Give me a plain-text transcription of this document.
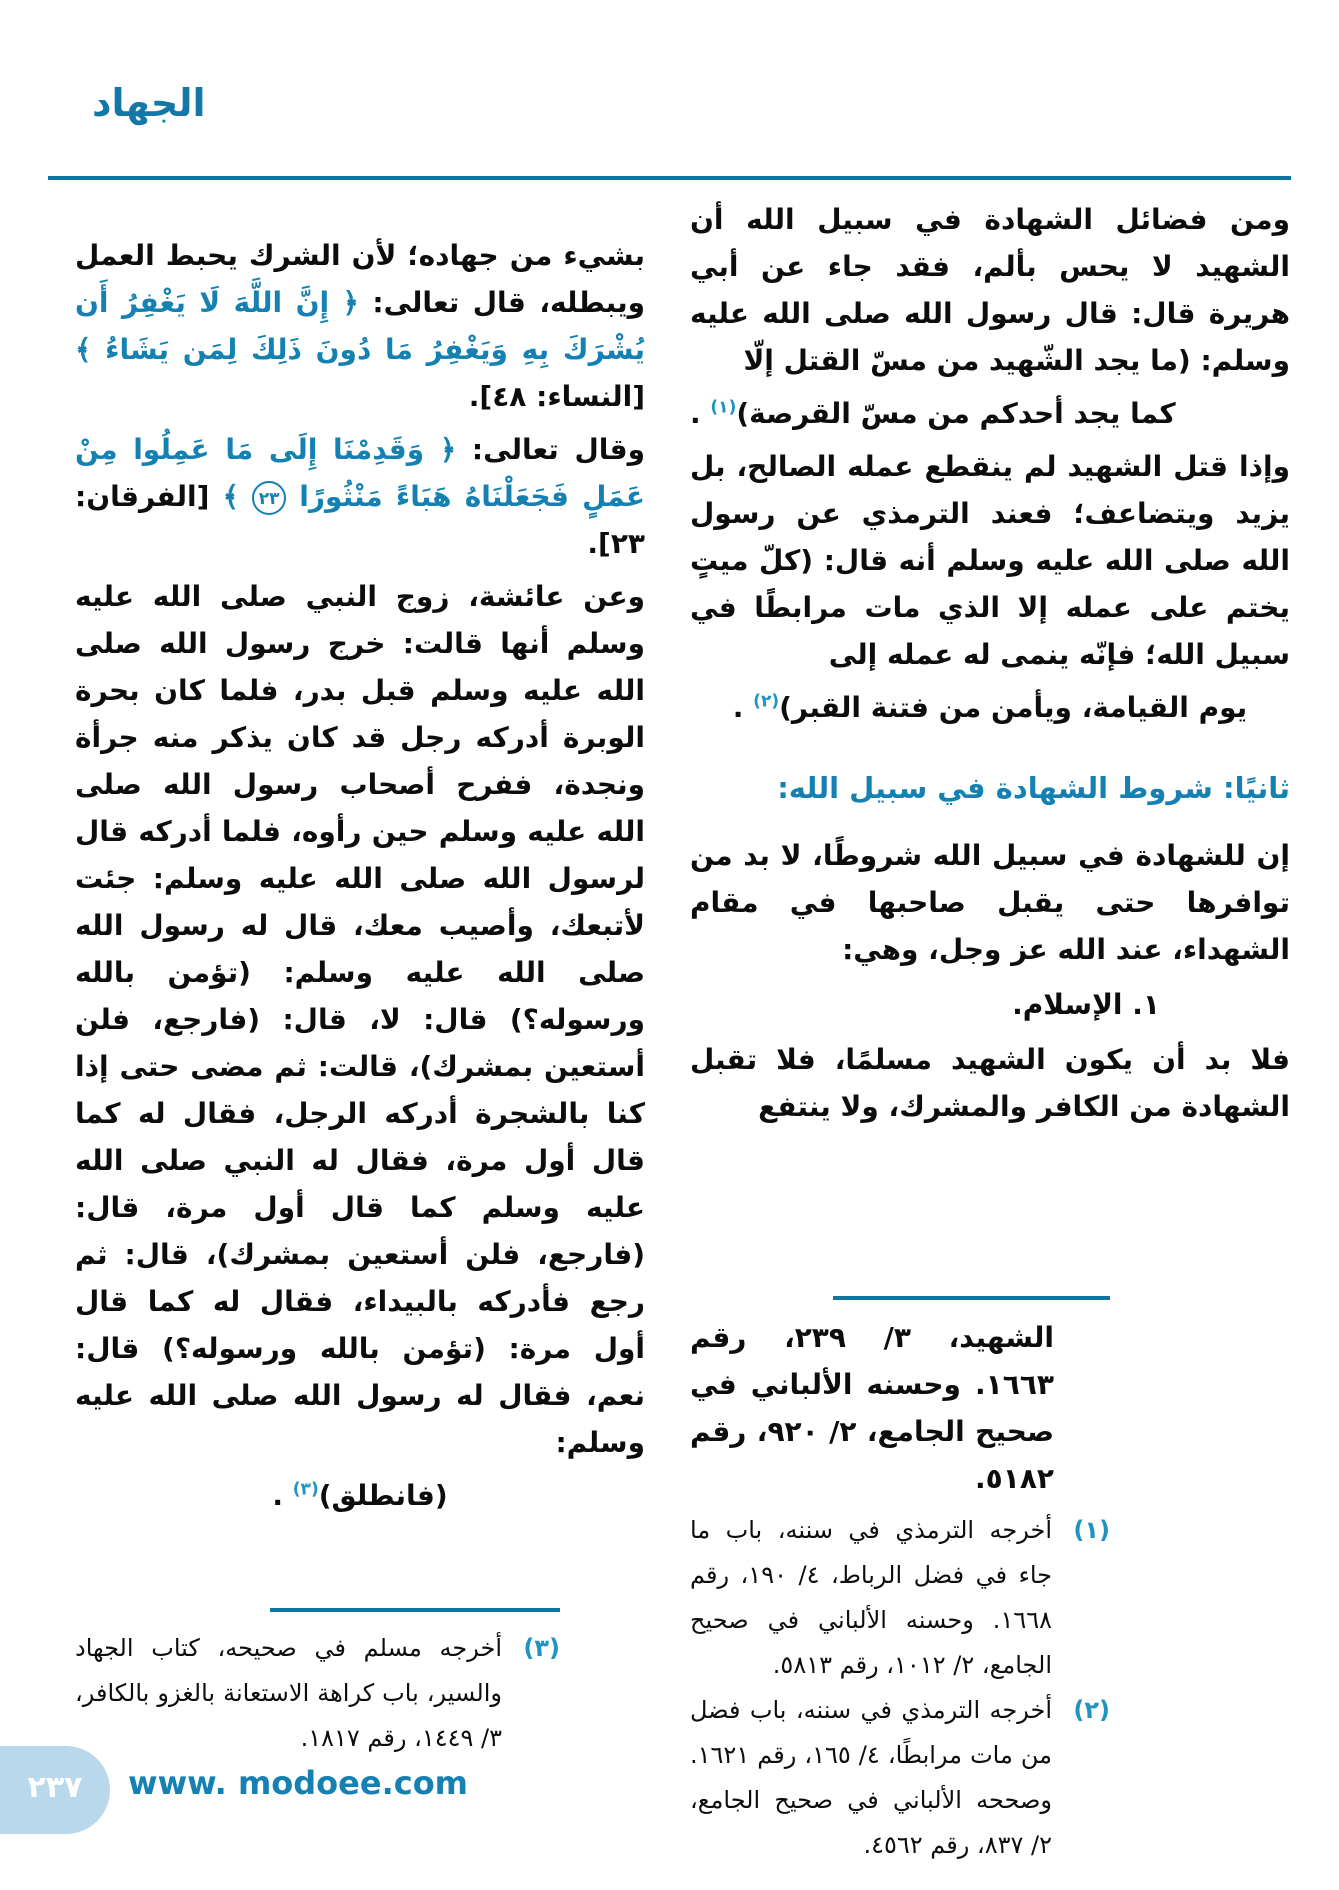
الجهاد

ومن فضائل الشهادة في سبيل الله أن الشهيد لا يحس بألم، فقد جاء عن أبي هريرة قال: قال رسول الله صلى الله عليه وسلم: (ما يجد الشّهيد من مسّ القتل إلّا

كما يجد أحدكم من مسّ القرصة)$^{(١)}$ .

وإذا قتل الشهيد لم ينقطع عمله الصالح، بل يزيد ويتضاعف؛ فعند الترمذي عن رسول الله صلى الله عليه وسلم أنه قال: (كلّ ميتٍ يختم على عمله إلا الذي مات مرابطًا في سبيل الله؛ فإنّه ينمى له عمله إلى

يوم القيامة، ويأمن من فتنة القبر)$^{(٢)}$ .

ثانيًا: شروط الشهادة في سبيل الله:

إن للشهادة في سبيل الله شروطًا، لا بد من توافرها حتى يقبل صاحبها في مقام الشهداء، عند الله عز وجل، وهي:

١. الإسلام.

فلا بد أن يكون الشهيد مسلمًا، فلا تقبل الشهادة من الكافر والمشرك، ولا ينتفع

الشهيد، ٣/ ٢٣٩، رقم ١٦٦٣. وحسنه الألباني في صحيح الجامع، ٢/ ٩٢٠، رقم ٥١٨٢.

(١)
أخرجه الترمذي في سننه، باب ما جاء في فضل الرباط، ٤/ ١٩٠، رقم ١٦٦٨. وحسنه الألباني في صحيح الجامع، ٢/ ١٠١٢، رقم ٥٨١٣.
(٢)
أخرجه الترمذي في سننه، باب فضل من مات مرابطًا، ٤/ ١٦٥، رقم ١٦٢١. وصححه الألباني في صحيح الجامع، ٢/ ٨٣٧، رقم ٤٥٦٢.

بشيء من جهاده؛ لأن الشرك يحبط العمل ويبطله، قال تعالى: ﴿ إِنَّ اللَّهَ لَا يَغْفِرُ أَن يُشْرَكَ بِهِ وَيَغْفِرُ مَا دُونَ ذَلِكَ لِمَن يَشَاءُ ﴾ [النساء: ٤٨].

وقال تعالى: ﴿ وَقَدِمْنَا إِلَى مَا عَمِلُوا مِنْ عَمَلٍ فَجَعَلْنَاهُ هَبَاءً مَنْثُورًا ٢٣ ﴾ [الفرقان: ٢٣].

وعن عائشة، زوج النبي صلى الله عليه وسلم أنها قالت: خرج رسول الله صلى الله عليه وسلم قبل بدر، فلما كان بحرة الوبرة أدركه رجل قد كان يذكر منه جرأة ونجدة، ففرح أصحاب رسول الله صلى الله عليه وسلم حين رأوه، فلما أدركه قال لرسول الله صلى الله عليه وسلم: جئت لأتبعك، وأصيب معك، قال له رسول الله صلى الله عليه وسلم: (تؤمن بالله ورسوله؟) قال: لا، قال: (فارجع، فلن أستعين بمشرك)، قالت: ثم مضى حتى إذا كنا بالشجرة أدركه الرجل، فقال له كما قال أول مرة، فقال له النبي صلى الله عليه وسلم كما قال أول مرة، قال: (فارجع، فلن أستعين بمشرك)، قال: ثم رجع فأدركه بالبيداء، فقال له كما قال أول مرة: (تؤمن بالله ورسوله؟) قال: نعم، فقال له رسول الله صلى الله عليه وسلم:

(فانطلق)$^{(٣)}$ .

(٣)
أخرجه مسلم في صحيحه، كتاب الجهاد والسير، باب كراهة الاستعانة بالغزو بالكافر، ٣/ ١٤٤٩، رقم ١٨١٧.
٢٣٧	www. modoee.com
